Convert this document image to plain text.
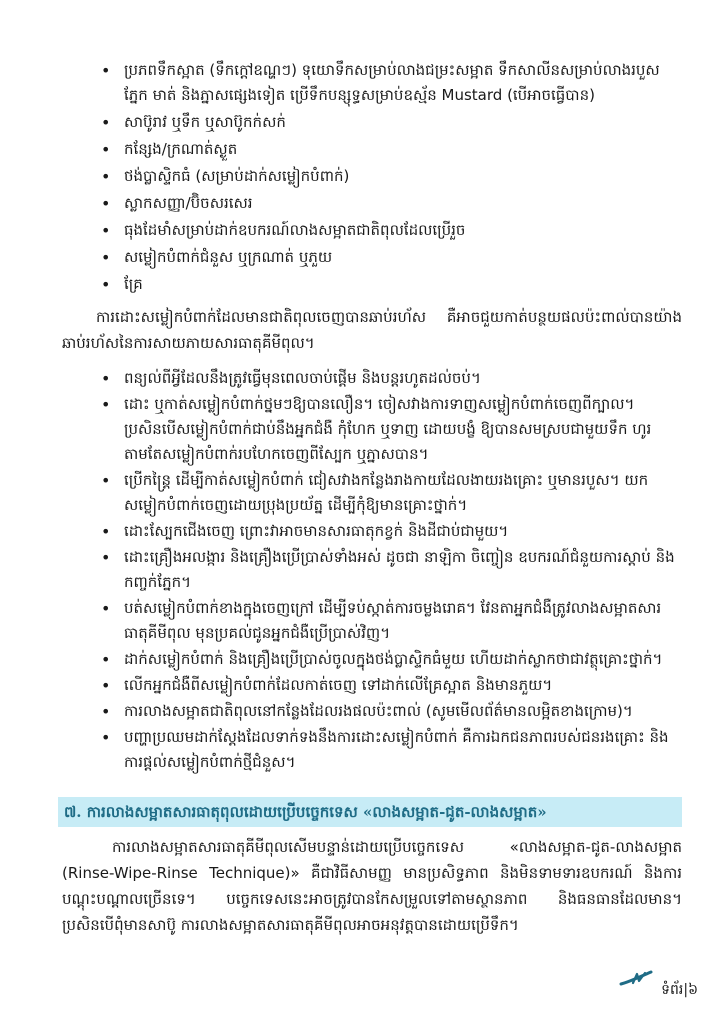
• ប្រភពទឹកស្អាត (ទឹកក្តៅឧណ្ហៗ) ទុយោទឹកសម្រាប់លាងជម្រះសម្អាត ទឹកសាលីនសម្រាប់លាងរបួស ភ្នែក មាត់ និងភ្នាសផ្សេងទៀត ប្រើទឹកបន្សុទ្ធសម្រាប់ឧស្ម័ន Mustard (បើអាចធ្វើបាន)
• សាប៊ូរាវ ឬទឹក ឬសាប៊ូកក់សក់
• កន្សែង/ក្រណាត់ស្ងួត
• ថង់ប្លាស្ទិកធំ (សម្រាប់ដាក់សម្លៀកបំពាក់)
• ស្លាកសញ្ញា/ប៊ិចសរសេរ
• ធុងដែមាំសម្រាប់ដាក់ឧបករណ៍លាងសម្អាតជាតិពុលដែលប្រើរួច
• សម្លៀកបំពាក់ជំនួស ឬក្រណាត់ ឬភួយ
• គ្រែ

ការដោះសម្លៀកបំពាក់ដែលមានជាតិពុលចេញបានឆាប់រហ័ស គឺអាចជួយកាត់បន្ថយផលប៉ះពាល់បានយ៉ាងឆាប់រហ័សនៃការសាយភាយសារធាតុគីមីពុល។

• ពន្យល់ពីអ្វីដែលនឹងត្រូវធ្វើមុនពេលចាប់ផ្តើម និងបន្តរហូតដល់ចប់។
• ដោះ ឬកាត់សម្លៀកបំពាក់ថ្នមៗឱ្យបានលឿន។ ចៀសវាងការទាញសម្លៀកបំពាក់ចេញពីក្បាល។ ប្រសិនបើសម្លៀកបំពាក់ជាប់នឹងអ្នកជំងឺ កុំហែក ឬទាញ ដោយបង្ខំ ឱ្យបានសមស្របជាមួយទឹក ហូរតាមតែសម្លៀកបំពាក់របហែកចេញពីស្បែក ឬភ្នាសបាន។
• ប្រើកន្ត្រៃ ដើម្បីកាត់សម្លៀកបំពាក់ ជៀសវាងកន្លែងរាងកាយដែលងាយរងគ្រោះ ឬមានរបួស។ យកសម្លៀកបំពាក់ចេញដោយប្រុងប្រយ័ត្ន ដើម្បីកុំឱ្យមានគ្រោះថ្នាក់។
• ដោះស្បែកជើងចេញ ព្រោះវាអាចមានសារធាតុកខ្វក់ និងដីជាប់ជាមួយ។
• ដោះគ្រឿងអលង្ការ និងគ្រឿងប្រើប្រាស់ទាំងអស់ ដូចជា នាឡិកា ចិញ្ចៀន ឧបករណ៍ជំនួយការស្តាប់ និងកញ្ចក់ភ្នែក។
• បត់សម្លៀកបំពាក់ខាងក្នុងចេញក្រៅ ដើម្បីទប់ស្កាត់ការចម្លងរោគ។ វែនតាអ្នកជំងឺត្រូវលាងសម្អាតសារធាតុគីមីពុល មុនប្រគល់ជូនអ្នកជំងឺប្រើប្រាស់វិញ។
• ដាក់សម្លៀកបំពាក់ និងគ្រឿងប្រើប្រាស់ចូលក្នុងថង់ប្លាស្ទិកធំមួយ ហើយដាក់ស្លាកថាជាវត្ថុគ្រោះថ្នាក់។
• លើកអ្នកជំងឺពីសម្លៀកបំពាក់ដែលកាត់ចេញ ទៅដាក់លើគ្រែស្អាត និងមានភួយ។
• ការលាងសម្អាតជាតិពុលនៅកន្លែងដែលរងផលប៉ះពាល់ (សូមមើលព័ត៌មានលម្អិតខាងក្រោម)។
• បញ្ហាប្រឈមដាក់ស្តែងដែលទាក់ទងនឹងការដោះសម្លៀកបំពាក់ គឺការឯកជនភាពរបស់ជនរងគ្រោះ និងការផ្តល់សម្លៀកបំពាក់ថ្មីជំនួស។
៧. ការលាងសម្អាតសារធាតុពុលដោយប្រើបច្ចេកទេស «លាងសម្អាត-ជូត-លាងសម្អាត»

ការលាងសម្អាតសារធាតុគីមីពុលសើមបន្ទាន់ដោយប្រើបច្ចេកទេស «លាងសម្អាត-ជូត-លាងសម្អាត (Rinse-Wipe-Rinse Technique)» គឺជាវិធីសាមញ្ញ មានប្រសិទ្ធភាព និងមិនទាមទារឧបករណ៍ និងការបណ្តុះបណ្តាលច្រើនទេ។ បច្ចេកទេសនេះអាចត្រូវបានកែសម្រួលទៅតាមស្ថានភាព និងធនធានដែលមាន។ ប្រសិនបើពុំមានសាប៊ូ ការលាងសម្អាតសារធាតុគីមីពុលអាចអនុវត្តបានដោយប្រើទឹក។

ទំព័រ|៦
